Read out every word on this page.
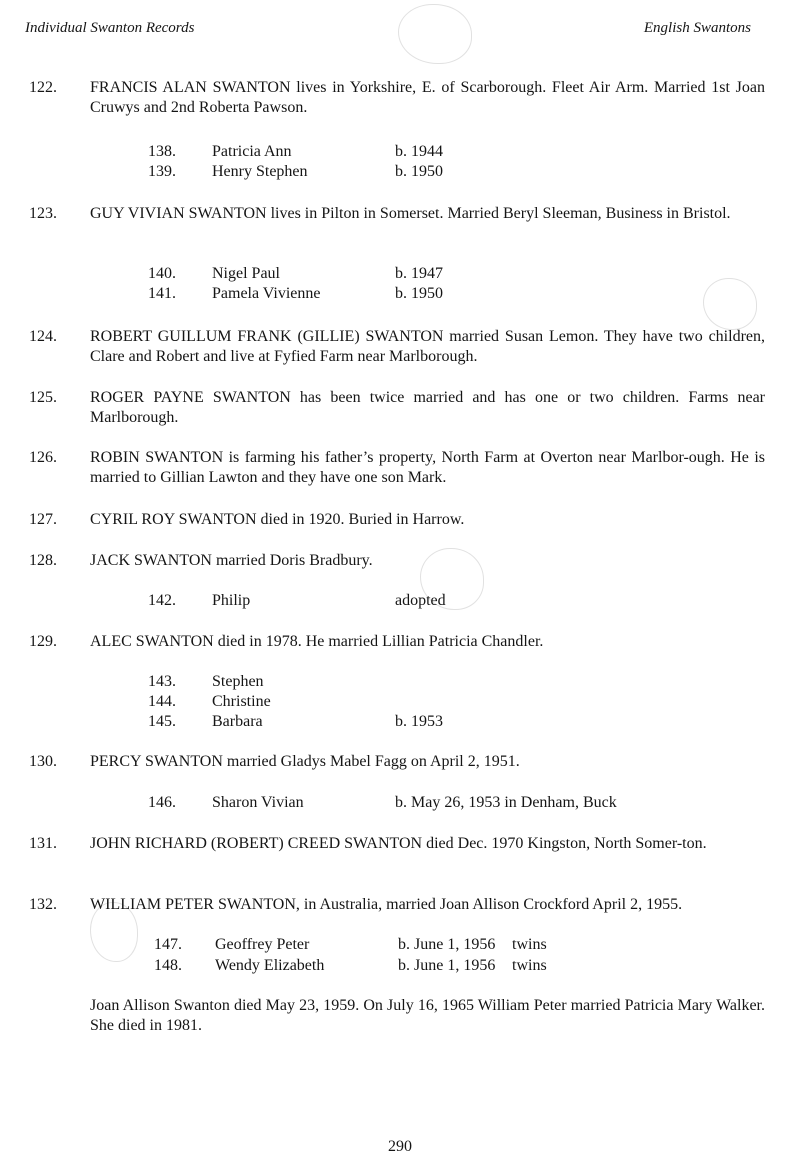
Individual Swanton Records	English Swantons
122. FRANCIS ALAN SWANTON lives in Yorkshire, E. of Scarborough. Fleet Air Arm. Married 1st Joan Cruwys and 2nd Roberta Pawson.
138. Patricia Ann	b. 1944
139. Henry Stephen	b. 1950
123. GUY VIVIAN SWANTON lives in Pilton in Somerset. Married Beryl Sleeman, Business in Bristol.
140. Nigel Paul	b. 1947
141. Pamela Vivienne	b. 1950
124. ROBERT GUILLUM FRANK (GILLIE) SWANTON married Susan Lemon. They have two children, Clare and Robert and live at Fyfied Farm near Marlborough.
125. ROGER PAYNE SWANTON has been twice married and has one or two children. Farms near Marlborough.
126. ROBIN SWANTON is farming his father’s property, North Farm at Overton near Marlbor-ough. He is married to Gillian Lawton and they have one son Mark.
127. CYRIL ROY SWANTON died in 1920. Buried in Harrow.
128. JACK SWANTON married Doris Bradbury.
142. Philip	adopted
129. ALEC SWANTON died in 1978. He married Lillian Patricia Chandler.
143. Stephen
144. Christine
145. Barbara	b. 1953
130. PERCY SWANTON married Gladys Mabel Fagg on April 2, 1951.
146. Sharon Vivian	b. May 26, 1953 in Denham, Buck
131. JOHN RICHARD (ROBERT) CREED SWANTON died Dec. 1970 Kingston, North Somer-ton.
132. WILLIAM PETER SWANTON, in Australia, married Joan Allison Crockford April 2, 1955.
147. Geoffrey Peter	b. June 1, 1956 twins
148. Wendy Elizabeth	b. June 1, 1956 twins
Joan Allison Swanton died May 23, 1959. On July 16, 1965 William Peter married Patricia Mary Walker. She died in 1981.
290
